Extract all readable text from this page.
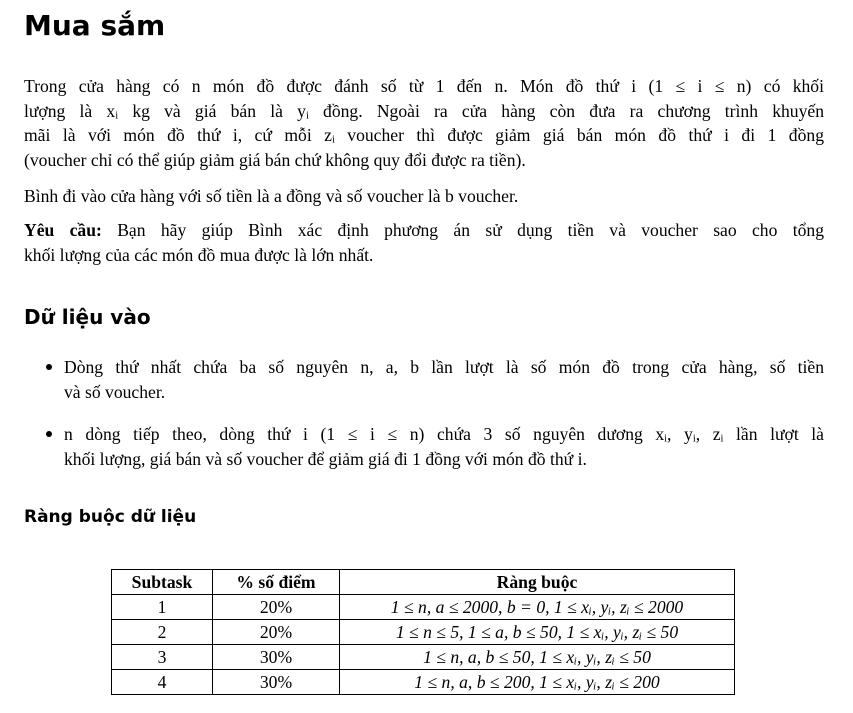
Mua sắm
Trong cửa hàng có n món đồ được đánh số từ 1 đến n. Món đồ thứ i (1 ≤ i ≤ n) có khối
lượng là xᵢ kg và giá bán là yᵢ đồng. Ngoài ra cửa hàng còn đưa ra chương trình khuyến
mãi là với món đồ thứ i, cứ mỗi zᵢ voucher thì được giảm giá bán món đồ thứ i đi 1 đồng
(voucher chỉ có thể giúp giảm giá bán chứ không quy đổi được ra tiền).
Bình đi vào cửa hàng với số tiền là a đồng và số voucher là b voucher.
Yêu cầu: Bạn hãy giúp Bình xác định phương án sử dụng tiền và voucher sao cho tổng
khối lượng của các món đồ mua được là lớn nhất.
Dữ liệu vào
Dòng thứ nhất chứa ba số nguyên n, a, b lần lượt là số món đồ trong cửa hàng, số tiền
và số voucher.
n dòng tiếp theo, dòng thứ i (1 ≤ i ≤ n) chứa 3 số nguyên dương xᵢ, yᵢ, zᵢ lần lượt là
khối lượng, giá bán và số voucher để giảm giá đi 1 đồng với món đồ thứ i.
Ràng buộc dữ liệu
Subtask	% số điểm	Ràng buộc
1	20%	1 ≤ n, a ≤ 2000, b = 0, 1 ≤ xᵢ, yᵢ, zᵢ ≤ 2000
2	20%	1 ≤ n ≤ 5, 1 ≤ a, b ≤ 50, 1 ≤ xᵢ, yᵢ, zᵢ ≤ 50
3	30%	1 ≤ n, a, b ≤ 50, 1 ≤ xᵢ, yᵢ, zᵢ ≤ 50
4	30%	1 ≤ n, a, b ≤ 200, 1 ≤ xᵢ, yᵢ, zᵢ ≤ 200
